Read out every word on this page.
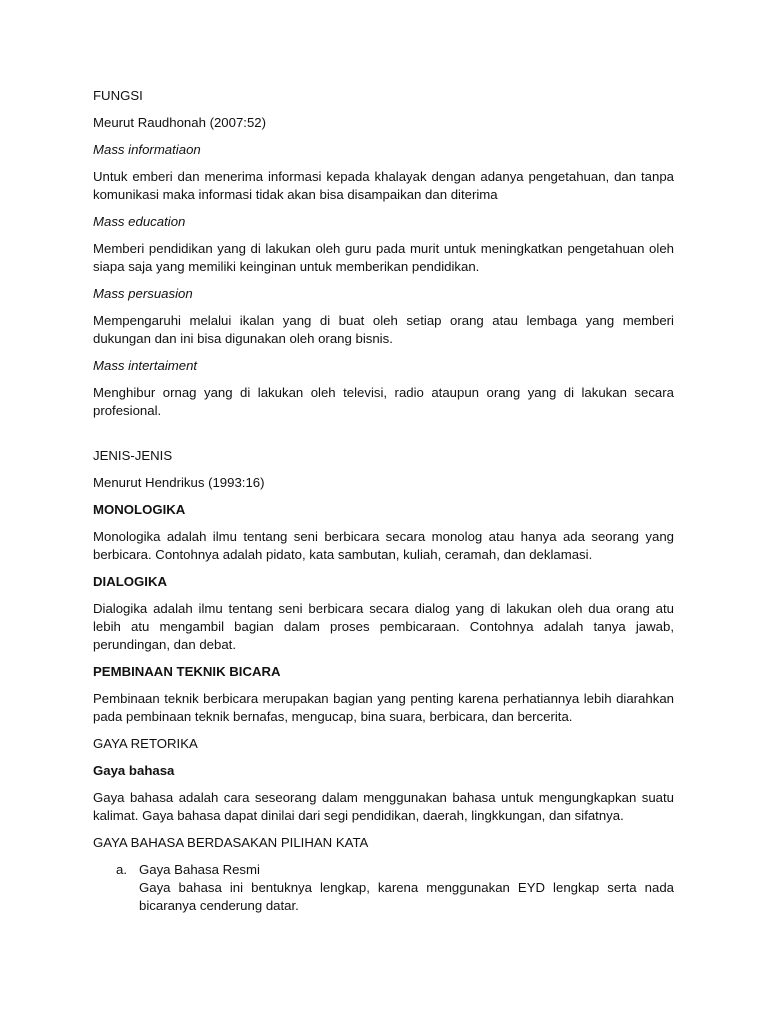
FUNGSI
Meurut Raudhonah (2007:52)
Mass informatiaon
Untuk emberi dan menerima informasi kepada khalayak dengan adanya pengetahuan, dan tanpa komunikasi maka informasi tidak akan bisa disampaikan dan diterima
Mass education
Memberi pendidikan yang di lakukan oleh guru pada murit untuk meningkatkan pengetahuan oleh siapa saja yang memiliki keinginan untuk memberikan pendidikan.
Mass persuasion
Mempengaruhi melalui ikalan yang di buat oleh setiap orang atau lembaga yang memberi dukungan dan ini bisa digunakan oleh orang bisnis.
Mass intertaiment
Menghibur ornag yang di lakukan oleh televisi, radio ataupun orang yang di lakukan secara profesional.
JENIS-JENIS
Menurut Hendrikus (1993:16)
MONOLOGIKA
Monologika adalah ilmu tentang seni berbicara secara monolog atau hanya ada seorang yang berbicara. Contohnya adalah pidato, kata sambutan, kuliah, ceramah, dan deklamasi.
DIALOGIKA
Dialogika adalah ilmu tentang seni berbicara secara dialog yang di lakukan oleh dua orang atu lebih atu mengambil bagian dalam proses pembicaraan. Contohnya adalah tanya jawab, perundingan, dan debat.
PEMBINAAN TEKNIK BICARA
Pembinaan teknik berbicara merupakan bagian yang penting karena perhatiannya lebih diarahkan pada pembinaan teknik bernafas, mengucap, bina suara, berbicara, dan bercerita.
GAYA RETORIKA
Gaya bahasa
Gaya bahasa adalah cara seseorang dalam menggunakan bahasa untuk mengungkapkan suatu kalimat. Gaya bahasa dapat dinilai dari segi pendidikan, daerah, lingkkungan, dan sifatnya.
GAYA BAHASA BERDASAKAN PILIHAN KATA
a. Gaya Bahasa Resmi
Gaya bahasa ini bentuknya lengkap, karena menggunakan EYD lengkap serta nada bicaranya cenderung datar.
